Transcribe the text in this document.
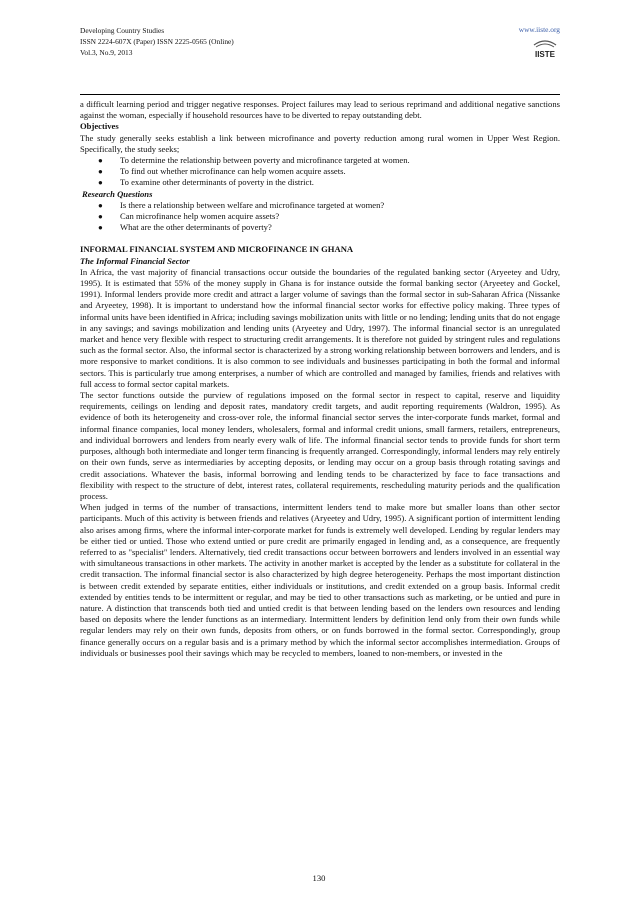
Developing Country Studies
ISSN 2224-607X (Paper) ISSN 2225-0565 (Online)
Vol.3, No.9, 2013
www.iiste.org
IISTE

a difficult learning period and trigger negative responses. Project failures may lead to serious reprimand and additional negative sanctions against the woman, especially if household resources have to be diverted to repay outstanding debt.

Objectives

The study generally seeks establish a link between microfinance and poverty reduction among rural women in Upper West Region. Specifically, the study seeks;

● To determine the relationship between poverty and microfinance targeted at women.
● To find out whether microfinance can help women acquire assets.
● To examine other determinants of poverty in the district.
Research Questions
● Is there a relationship between welfare and microfinance targeted at women?
● Can microfinance help women acquire assets?
● What are the other determinants of poverty?
INFORMAL FINANCIAL SYSTEM AND MICROFINANCE IN GHANA
The Informal Financial Sector

In Africa, the vast majority of financial transactions occur outside the boundaries of the regulated banking sector (Aryeetey and Udry, 1995). It is estimated that 55% of the money supply in Ghana is for instance outside the formal banking sector (Aryeetey and Gockel, 1991). Informal lenders provide more credit and attract a larger volume of savings than the formal sector in sub-Saharan Africa (Nissanke and Aryeetey, 1998). It is important to understand how the informal financial sector works for effective policy making. Three types of informal units have been identified in Africa; including savings mobilization units with little or no lending; lending units that do not engage in any savings; and savings mobilization and lending units (Aryeetey and Udry, 1997). The informal financial sector is an unregulated market and hence very flexible with respect to structuring credit arrangements. It is therefore not guided by stringent rules and regulations such as the formal sector. Also, the informal sector is characterized by a strong working relationship between borrowers and lenders, and is more responsive to market conditions. It is also common to see individuals and businesses participating in both the formal and informal sectors. This is particularly true among enterprises, a number of which are controlled and managed by families, friends and relatives with full access to formal sector capital markets.

The sector functions outside the purview of regulations imposed on the formal sector in respect to capital, reserve and liquidity requirements, ceilings on lending and deposit rates, mandatory credit targets, and audit reporting requirements (Waldron, 1995). As evidence of both its heterogeneity and cross-over role, the informal financial sector serves the inter-corporate funds market, formal and informal finance companies, local money lenders, wholesalers, formal and informal credit unions, small farmers, retailers, entrepreneurs, and individual borrowers and lenders from nearly every walk of life. The informal financial sector tends to provide funds for short term purposes, although both intermediate and longer term financing is frequently arranged. Correspondingly, informal lenders may rely entirely on their own funds, serve as intermediaries by accepting deposits, or lending may occur on a group basis through rotating savings and credit associations. Whatever the basis, informal borrowing and lending tends to be characterized by face to face transactions and flexibility with respect to the structure of debt, interest rates, collateral requirements, rescheduling maturity periods and the qualification process.

When judged in terms of the number of transactions, intermittent lenders tend to make more but smaller loans than other sector participants. Much of this activity is between friends and relatives (Aryeetey and Udry, 1995). A significant portion of intermittent lending also arises among firms, where the informal inter-corporate market for funds is extremely well developed. Lending by regular lenders may be either tied or untied. Those who extend untied or pure credit are primarily engaged in lending and, as a consequence, are frequently referred to as "specialist" lenders. Alternatively, tied credit transactions occur between borrowers and lenders involved in an essential way with simultaneous transactions in other markets. The activity in another market is accepted by the lender as a substitute for collateral in the credit transaction. The informal financial sector is also characterized by high degree heterogeneity. Perhaps the most important distinction is between credit extended by separate entities, either individuals or institutions, and credit extended on a group basis. Informal credit extended by entities tends to be intermittent or regular, and may be tied to other transactions such as marketing, or be untied and pure in nature. A distinction that transcends both tied and untied credit is that between lending based on the lenders own resources and lending based on deposits where the lender functions as an intermediary. Intermittent lenders by definition lend only from their own funds while regular lenders may rely on their own funds, deposits from others, or on funds borrowed in the formal sector. Correspondingly, group finance generally occurs on a regular basis and is a primary method by which the informal sector accomplishes intermediation. Groups of individuals or businesses pool their savings which may be recycled to members, loaned to non-members, or invested in the

130
